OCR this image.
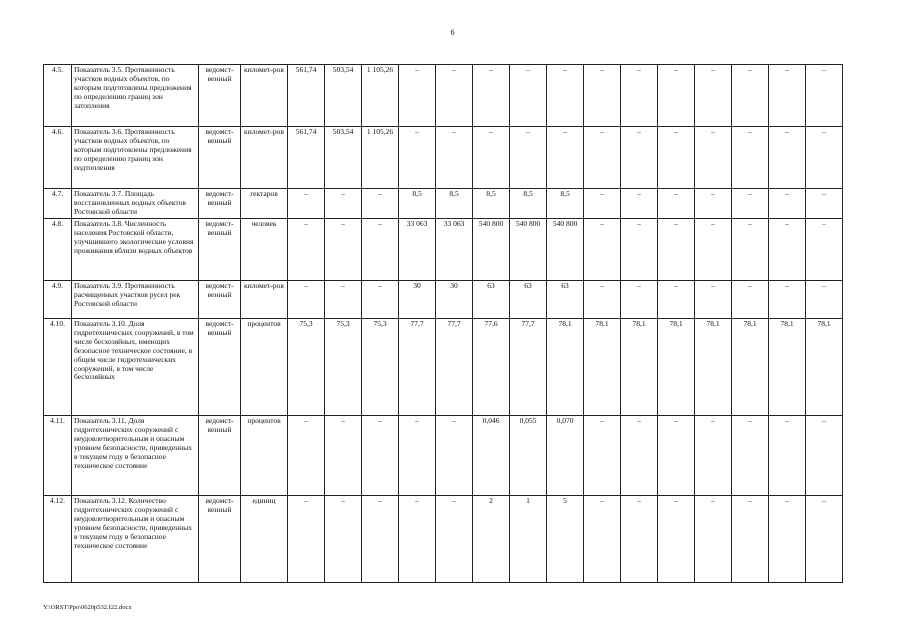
6
4.5.	Показатель 3.5. Протяженность участков водных объектов, по которым подготовлены предложения по определению границ зон затопления	ведомст-венный	километ-ров	561,74	503,54	1 105,26	–	–	–	–	–	–	–	–	–	–	–	–
4.6.	Показатель 3.6. Протяженность участков водных объектов, по которым подготовлены предложения по определению границ зон подтопления	ведомст-венный	километ-ров	561,74	503,54	1 105,26	–	–	–	–	–	–	–	–	–	–	–	–
4.7.	Показатель 3.7. Площадь восстановленных водных объектов Ростовской области	ведомст-венный	гектаров	–	–	–	8,5	8,5	8,5	8,5	8,5	–	–	–	–	–	–	–
4.8.	Показатель 3.8. Численность населения Ростовской области, улучшившего экологические условия проживания вблизи водных объектов	ведомст-венный	человек	–	–	–	33 063	33 063	540 800	540 800	540 800	–	–	–	–	–	–	–
4.9.	Показатель 3.9. Протяженность расчищенных участков русел рек Ростовской области	ведомст-венный	километ-ров	–	–	–	30	30	63	63	63	–	–	–	–	–	–	–
4.10.	Показатель 3.10. Доля гидротехнических сооружений, в том числе бесхозяйных, имеющих безопасное техническое состояние, в общем числе гидротехнических сооружений, в том числе бесхозяйных	ведомст-венный	процентов	75,3	75,3	75,3	77,7	77,7	77,6	77,7	78,1	78,1	78,1	78,1	78,1	78,1	78,1	78,1
4.11.	Показатель 3.11. Доля гидротехнических сооружений с неудовлетворительным и опасным уровнем безопасности, приведенных в текущем году в безопасное техническое состояние	ведомст-венный	процентов	–	–	–	–	–	0,046	0,055	0,070	–	–	–	–	–	–	–
4.12.	Показатель 3.12. Количество гидротехнических сооружений с неудовлетворительным и опасным уровнем безопасности, приведенных в текущем году в безопасное техническое состояние	ведомст-венный	единиц	–	–	–	–	–	2	1	5	–	–	–	–	–	–	–
Y:\ORST\Ppo\0620p532.f22.docx
